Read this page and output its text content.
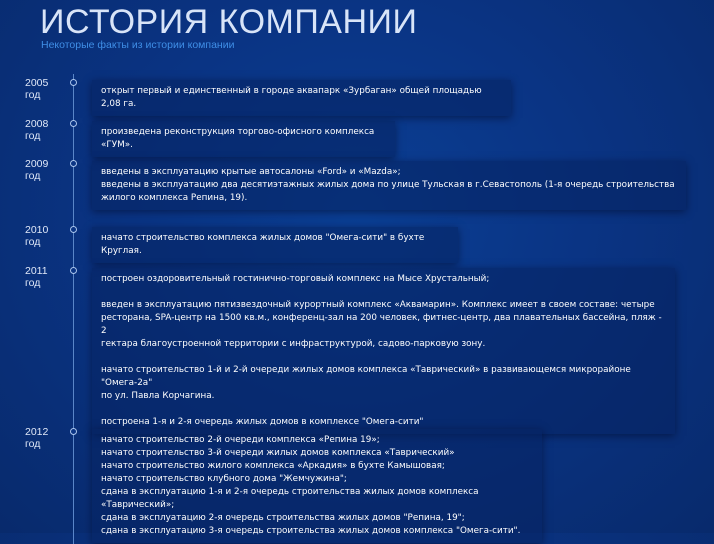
ИСТОРИЯ КОМПАНИИ
Некоторые факты из истории компании
2005 год	открыт первый и единственный в городе аквапарк «Зурбаган» общей площадью 2,08 га.

2008 год	произведена реконструкция торгово-офисного комплекса «ГУМ».

2009 год	введены в эксплуатацию крытые автосалоны «Ford» и «Mazda»;

введены в эксплуатацию два десятиэтажных жилых дома по улице Тульская в г.Севастополь (1-я очередь строительства

жилого комплекса Репина, 19).

2010 год	начато строительство комплекса жилых домов "Омега-сити" в бухте Круглая.

2011 год	построен оздоровительный гостинично-торговый комплекс на Мысе Хрустальный;

введен в эксплуатацию пятизвездочный курортный комплекс «Аквамарин». Комплекс имеет в своем составе: четыре

ресторана, SPA-центр на 1500 кв.м., конференц-зал на 200 человек, фитнес-центр, два плавательных бассейна, пляж - 2

гектара благоустроенной территории с инфраструктурой, садово-парковую зону.

начато строительство 1-й и 2-й очереди жилых домов комплекса «Таврический» в развивающемся микрорайоне "Омега-2а"

по ул. Павла Корчагина.

построена 1-я и 2-я очередь жилых домов в комплексе "Омега-сити"

2012 год	начато строительство 2-й очереди комплекса «Репина 19»;

начато строительство 3-й очереди жилых домов комплекса «Таврический»

начато строительство жилого комплекса «Аркадия» в бухте Камышовая;

начато строительство клубного дома "Жемчужина";

сдана в эксплуатацию 1-я и 2-я очередь строительства жилых домов комплекса «Таврический»;

сдана в эксплуатацию 2-я очередь строительства жилых домов "Репина, 19";

сдана в эксплуатацию 3-я очередь строительства жилых домов комплекса "Омега-сити".
